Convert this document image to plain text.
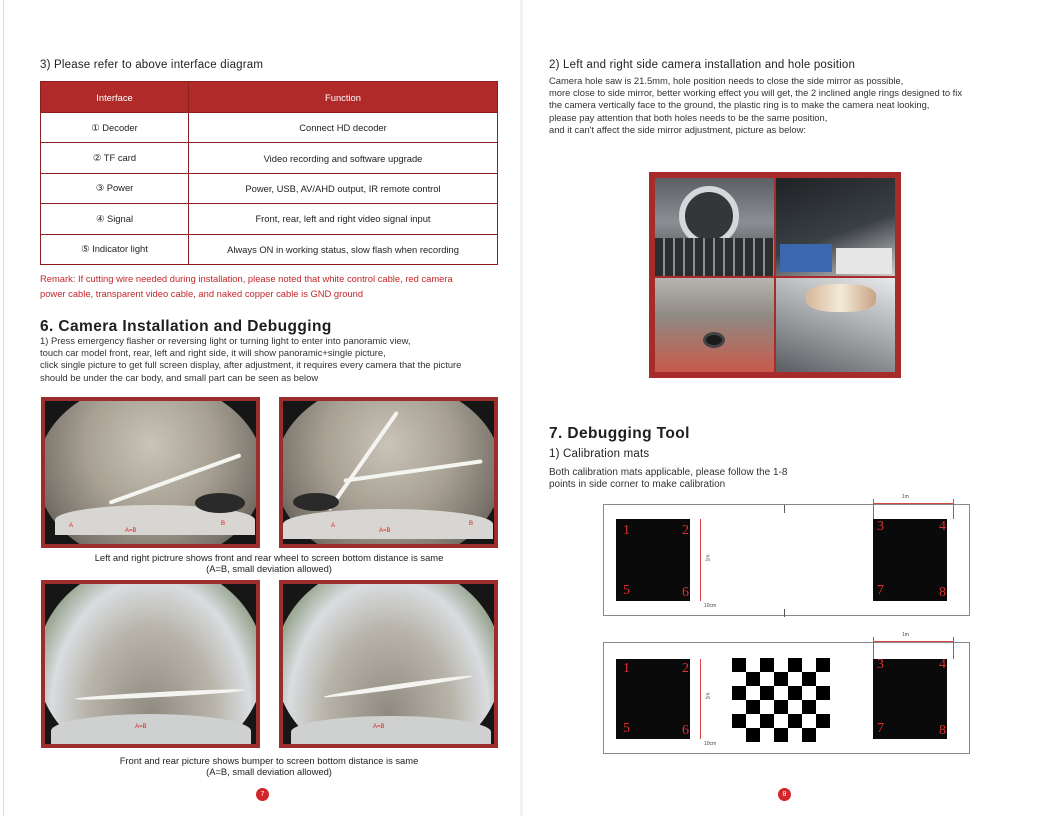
3) Please refer to above interface diagram
Interface	Function
① Decoder	Connect HD decoder
② TF card	Video recording and software upgrade
③ Power	Power, USB, AV/AHD output, IR remote control
④ Signal	Front, rear, left and right video signal input
⑤ Indicator light	Always ON in working status, slow flash when recording
Remark: If cutting wire needed during installation, please noted that white control cable, red camera
power cable, transparent video cable, and naked copper cable is GND ground
6. Camera Installation and Debugging
1) Press emergency flasher or reversing light or turning light to enter into panoramic view,
touch car model front, rear, left and right side, it will show panoramic+single picture,
click single picture to get full screen display, after adjustment, it requires every camera that the picture
should be under the car body, and small part can be seen as below
A
A=B
B	A
A=B
B
Left and right pictrure shows front and rear wheel to screen bottom distance is same
(A=B, small deviation allowed)
A=B	A=B
Front and rear picture shows bumper to screen bottom distance is same
(A=B, small deviation allowed)
7
2) Left and right side camera installation and hole position
Camera hole saw is 21.5mm, hole position needs to close the side mirror as possible,
more close to side mirror, better working effect you will get, the 2 inclined angle rings designed to fix
the camera vertically face to the ground, the plastic ring is to make the camera neat looking,
please pay attention that both holes needs to be the same position,
and it can't affect the side mirror adjustment, picture as below:
7. Debugging Tool
1) Calibration mats
Both calibration mats applicable, please follow the 1-8
points in side corner to make calibration
1	2	3	4
5	6	7	8
1m
1m
10cm
1	2	3	4
5	6	7	8
1m
1m
10cm
8
